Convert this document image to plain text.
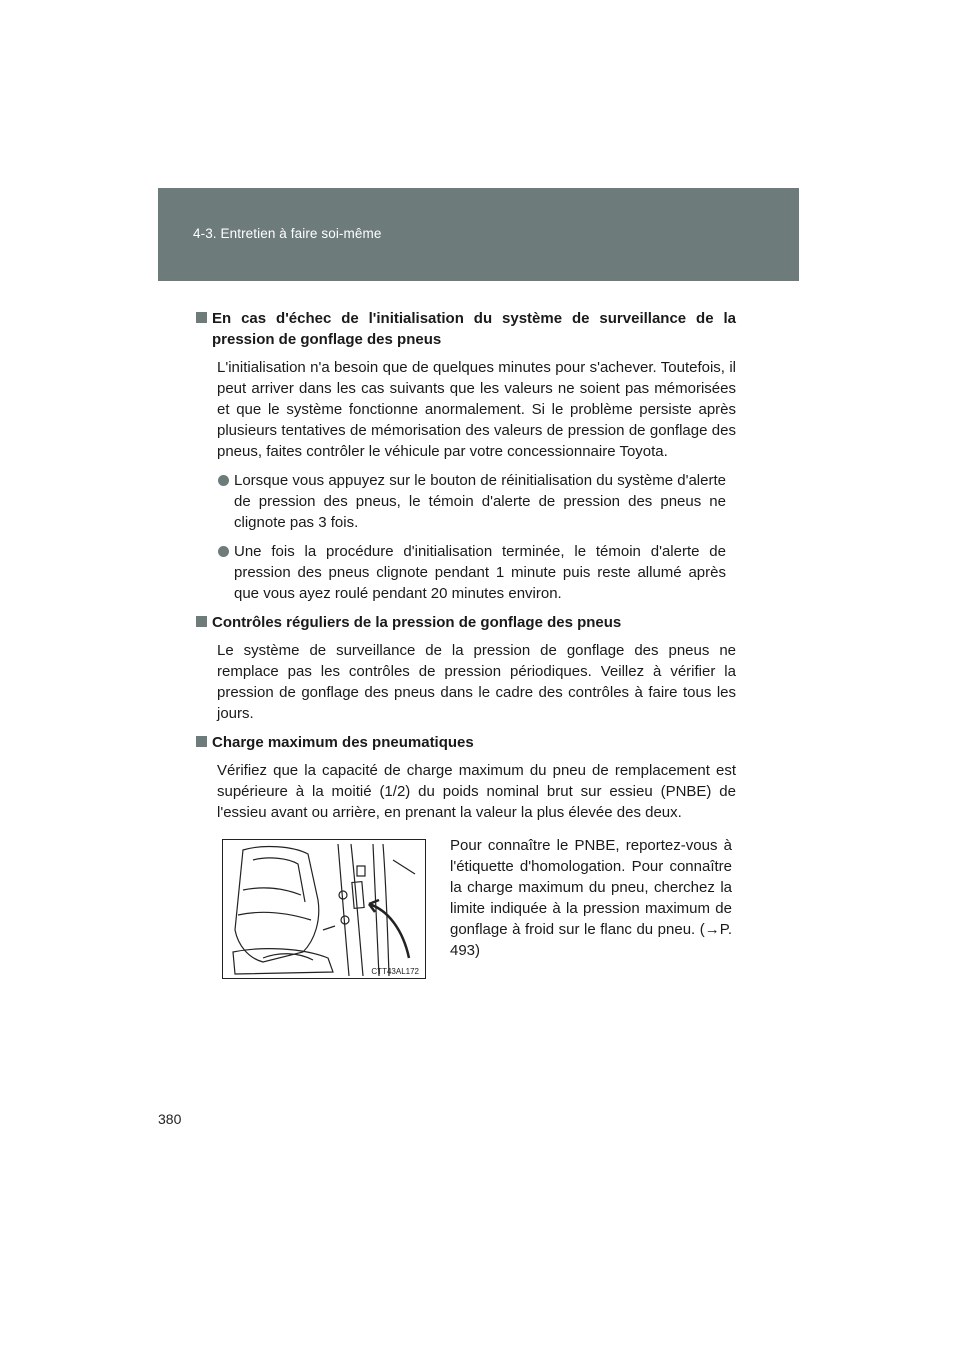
4-3. Entretien à faire soi-même
En cas d'échec de l'initialisation du système de surveillance de la pression de gonflage des pneus
L'initialisation n'a besoin que de quelques minutes pour s'achever. Toutefois, il peut arriver dans les cas suivants que les valeurs ne soient pas mémorisées et que le système fonctionne anormalement. Si le problème persiste après plusieurs tentatives de mémorisation des valeurs de pression de gonflage des pneus, faites contrôler le véhicule par votre concessionnaire Toyota.
Lorsque vous appuyez sur le bouton de réinitialisation du système d'alerte de pression des pneus, le témoin d'alerte de pression des pneus ne clignote pas 3 fois.
Une fois la procédure d'initialisation terminée, le témoin d'alerte de pression des pneus clignote pendant 1 minute puis reste allumé après que vous ayez roulé pendant 20 minutes environ.
Contrôles réguliers de la pression de gonflage des pneus
Le système de surveillance de la pression de gonflage des pneus ne remplace pas les contrôles de pression périodiques. Veillez à vérifier la pression de gonflage des pneus dans le cadre des contrôles à faire tous les jours.
Charge maximum des pneumatiques
Vérifiez que la capacité de charge maximum du pneu de remplacement est supérieure à la moitié (1/2) du poids nominal brut sur essieu (PNBE) de l'essieu avant ou arrière, en prenant la valeur la plus élevée des deux.
CTT43AL172
Pour connaître le PNBE, reportez-vous à l'étiquette d'homologation. Pour connaître la charge maximum du pneu, cherchez la limite indiquée à la pression maximum de gonflage à froid sur le flanc du pneu. (→P. 493)
380
